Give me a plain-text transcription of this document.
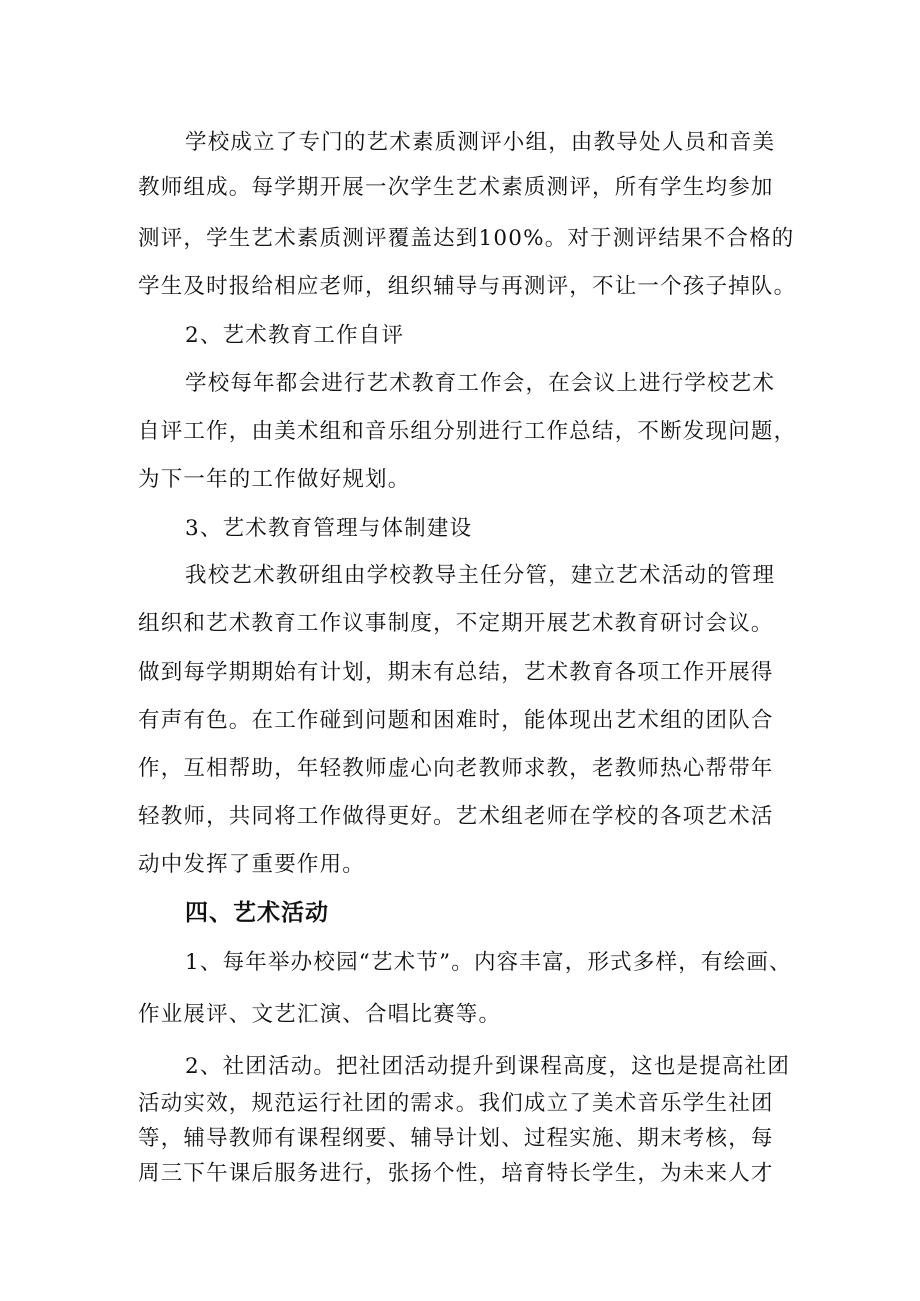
学校成立了专门的艺术素质测评小组，由教导处人员和音美
教师组成。每学期开展一次学生艺术素质测评，所有学生均参加
测评，学生艺术素质测评覆盖达到100%。对于测评结果不合格的
学生及时报给相应老师，组织辅导与再测评，不让一个孩子掉队。
2、艺术教育工作自评
学校每年都会进行艺术教育工作会，在会议上进行学校艺术
自评工作，由美术组和音乐组分别进行工作总结，不断发现问题，
为下一年的工作做好规划。
3、艺术教育管理与体制建设
我校艺术教研组由学校教导主任分管，建立艺术活动的管理
组织和艺术教育工作议事制度，不定期开展艺术教育研讨会议。
做到每学期期始有计划，期末有总结，艺术教育各项工作开展得
有声有色。在工作碰到问题和困难时，能体现出艺术组的团队合
作，互相帮助，年轻教师虚心向老教师求教，老教师热心帮带年
轻教师，共同将工作做得更好。艺术组老师在学校的各项艺术活
动中发挥了重要作用。
四、艺术活动
1、每年举办校园“艺术节”。内容丰富，形式多样，有绘画、
作业展评、文艺汇演、合唱比赛等。
2、社团活动。把社团活动提升到课程高度，这也是提高社团
活动实效，规范运行社团的需求。我们成立了美术音乐学生社团
等，辅导教师有课程纲要、辅导计划、过程实施、期末考核，每
周三下午课后服务进行，张扬个性，培育特长学生，为未来人才
